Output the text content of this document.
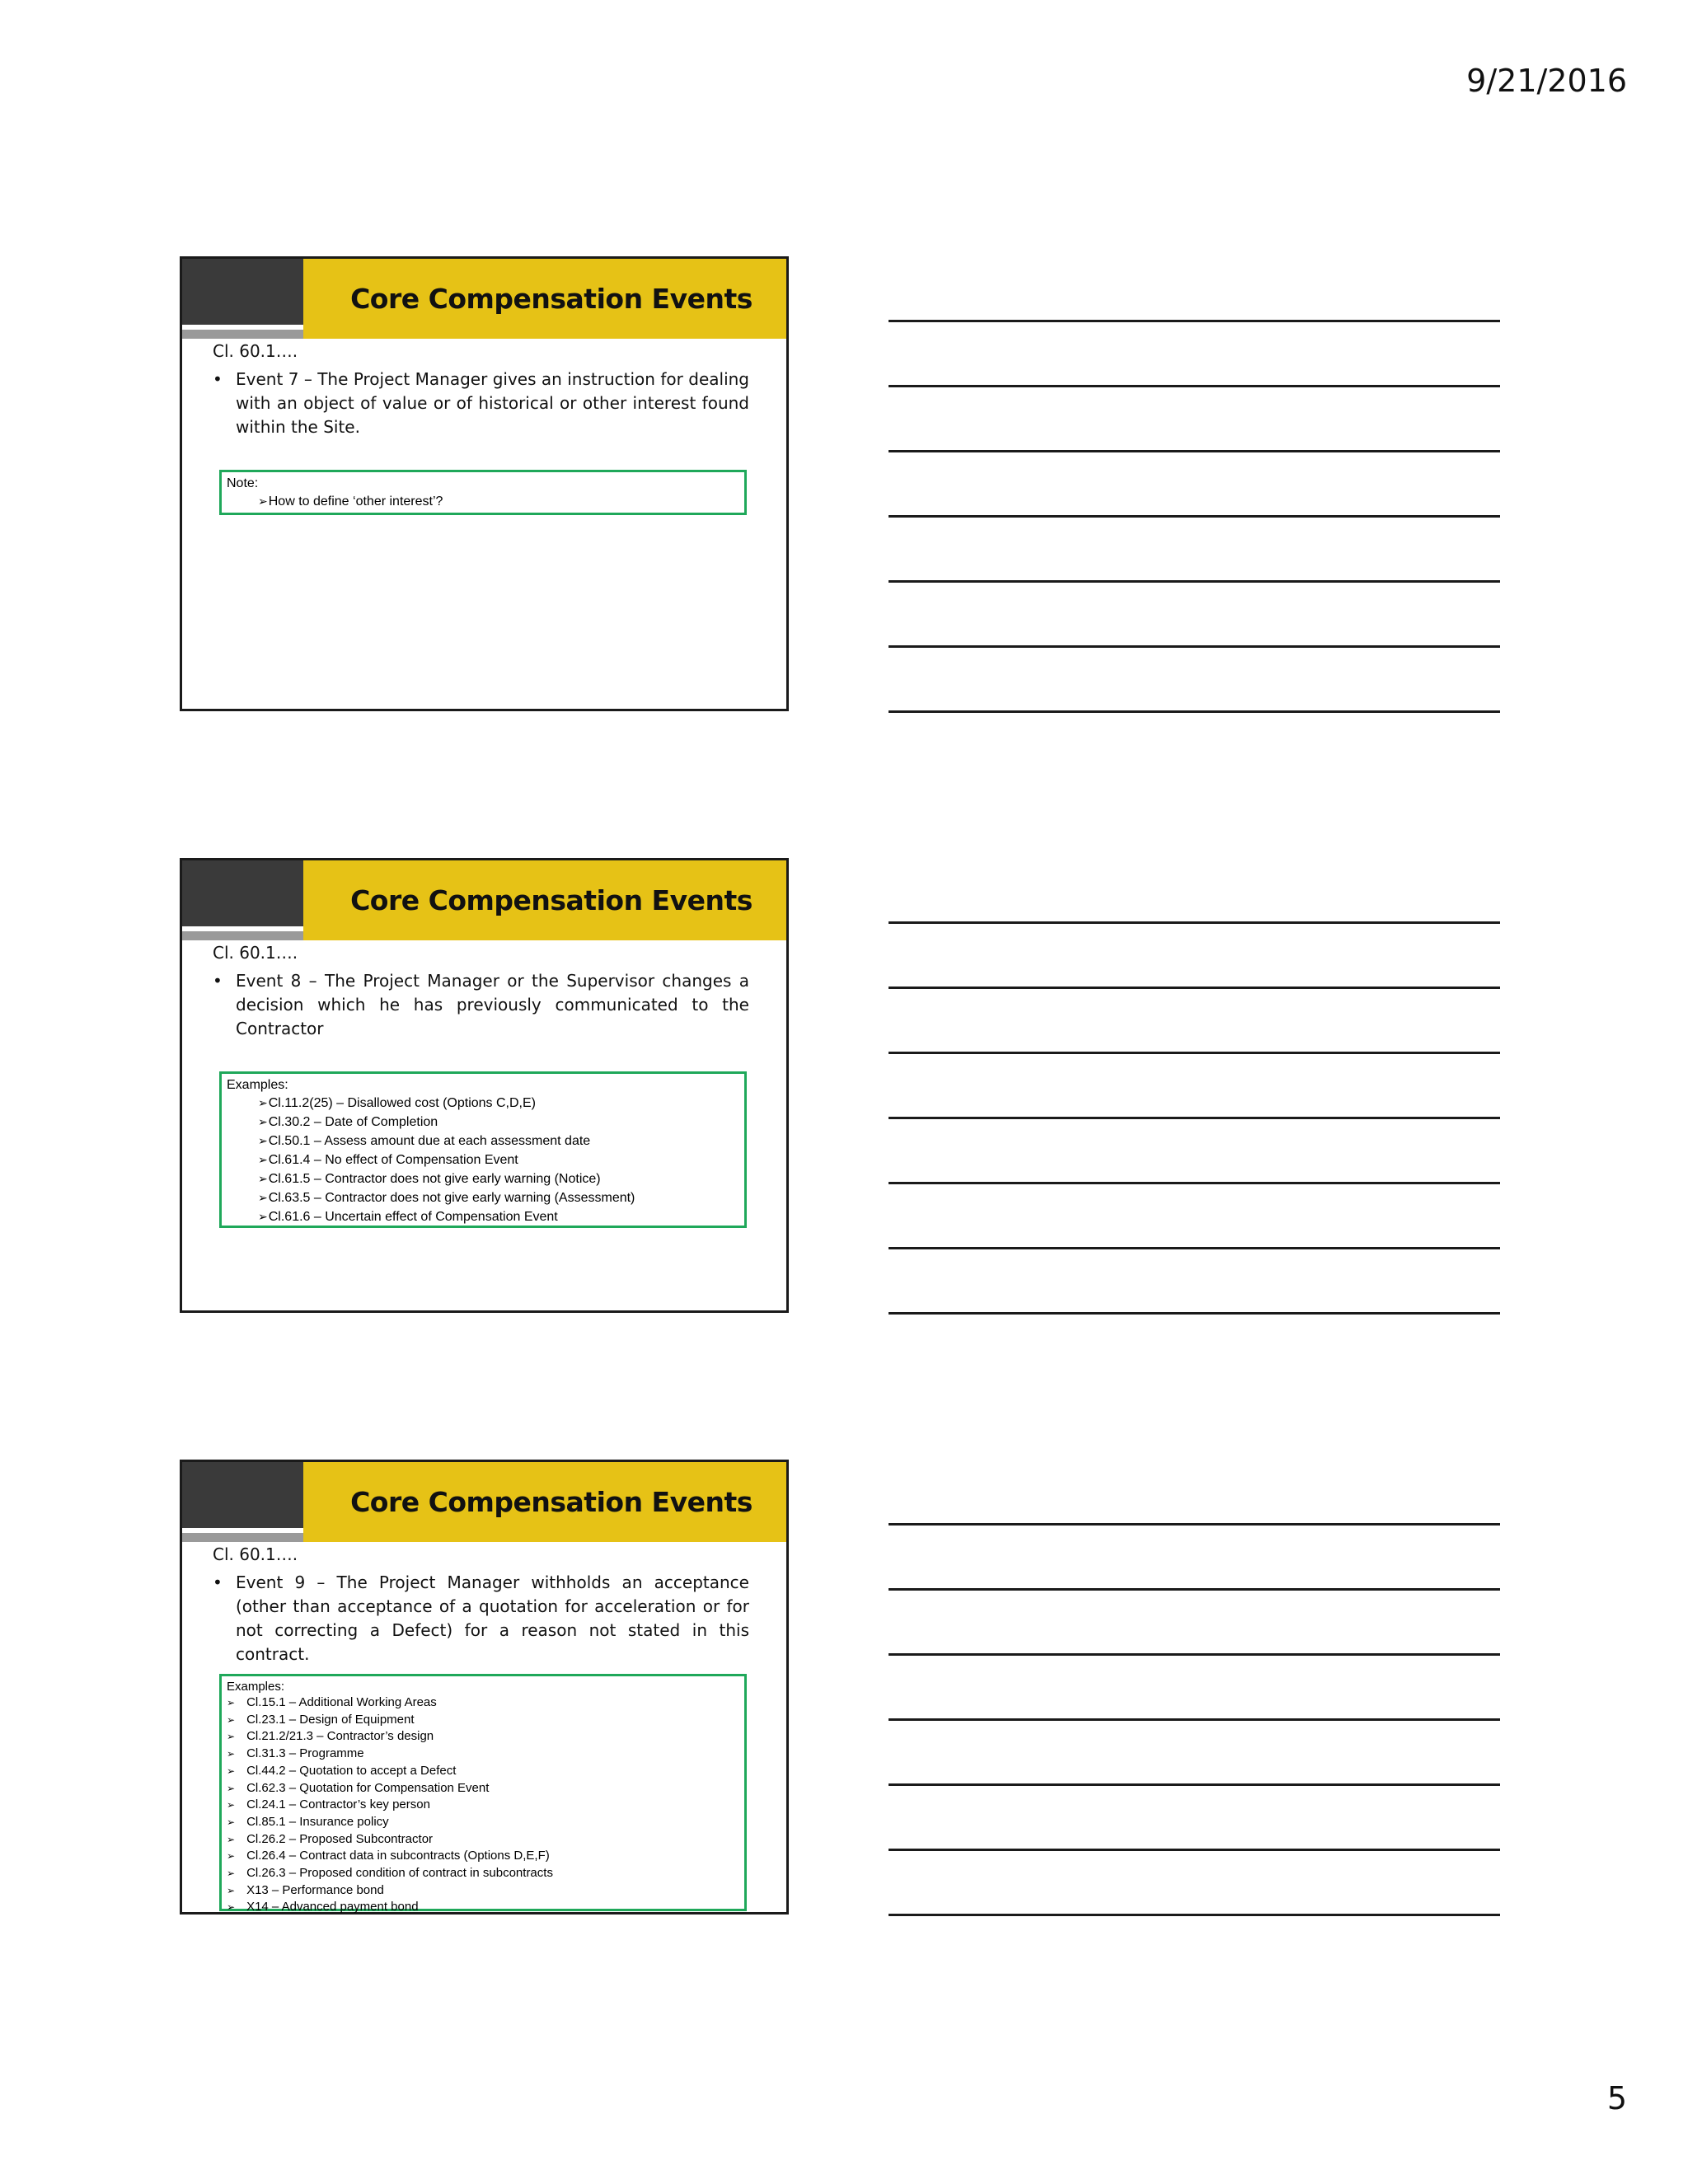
9/21/2016
Core Compensation Events
Cl. 60.1….
• Event 7 – The Project Manager gives an instruction for dealing with an object of value or of historical or other interest found within the Site.
Note:
➢How to define ‘other interest’?
Core Compensation Events
Cl. 60.1….
• Event 8 – The Project Manager or the Supervisor changes a decision which he has previously communicated to the Contractor
Examples:
➢Cl.11.2(25) – Disallowed cost (Options C,D,E)
➢Cl.30.2 – Date of Completion
➢Cl.50.1 – Assess amount due at each assessment date
➢Cl.61.4 – No effect of Compensation Event
➢Cl.61.5 – Contractor does not give early warning (Notice)
➢Cl.63.5 – Contractor does not give early warning (Assessment)
➢Cl.61.6 – Uncertain effect of Compensation Event
Core Compensation Events
Cl. 60.1….
• Event 9 – The Project Manager withholds an acceptance (other than acceptance of a quotation for acceleration or for not correcting a Defect) for a reason not stated in this contract.
Examples:
➢ Cl.15.1 – Additional Working Areas
➢ Cl.23.1 – Design of Equipment
➢ Cl.21.2/21.3 – Contractor’s design
➢ Cl.31.3 – Programme
➢ Cl.44.2 – Quotation to accept a Defect
➢ Cl.62.3 – Quotation for Compensation Event
➢ Cl.24.1 – Contractor’s key person
➢ Cl.85.1 – Insurance policy
➢ Cl.26.2 – Proposed Subcontractor
➢ Cl.26.4 – Contract data in subcontracts (Options D,E,F)
➢ Cl.26.3 – Proposed condition of contract in subcontracts
➢ X13 – Performance bond
➢ X14 – Advanced payment bond
5
